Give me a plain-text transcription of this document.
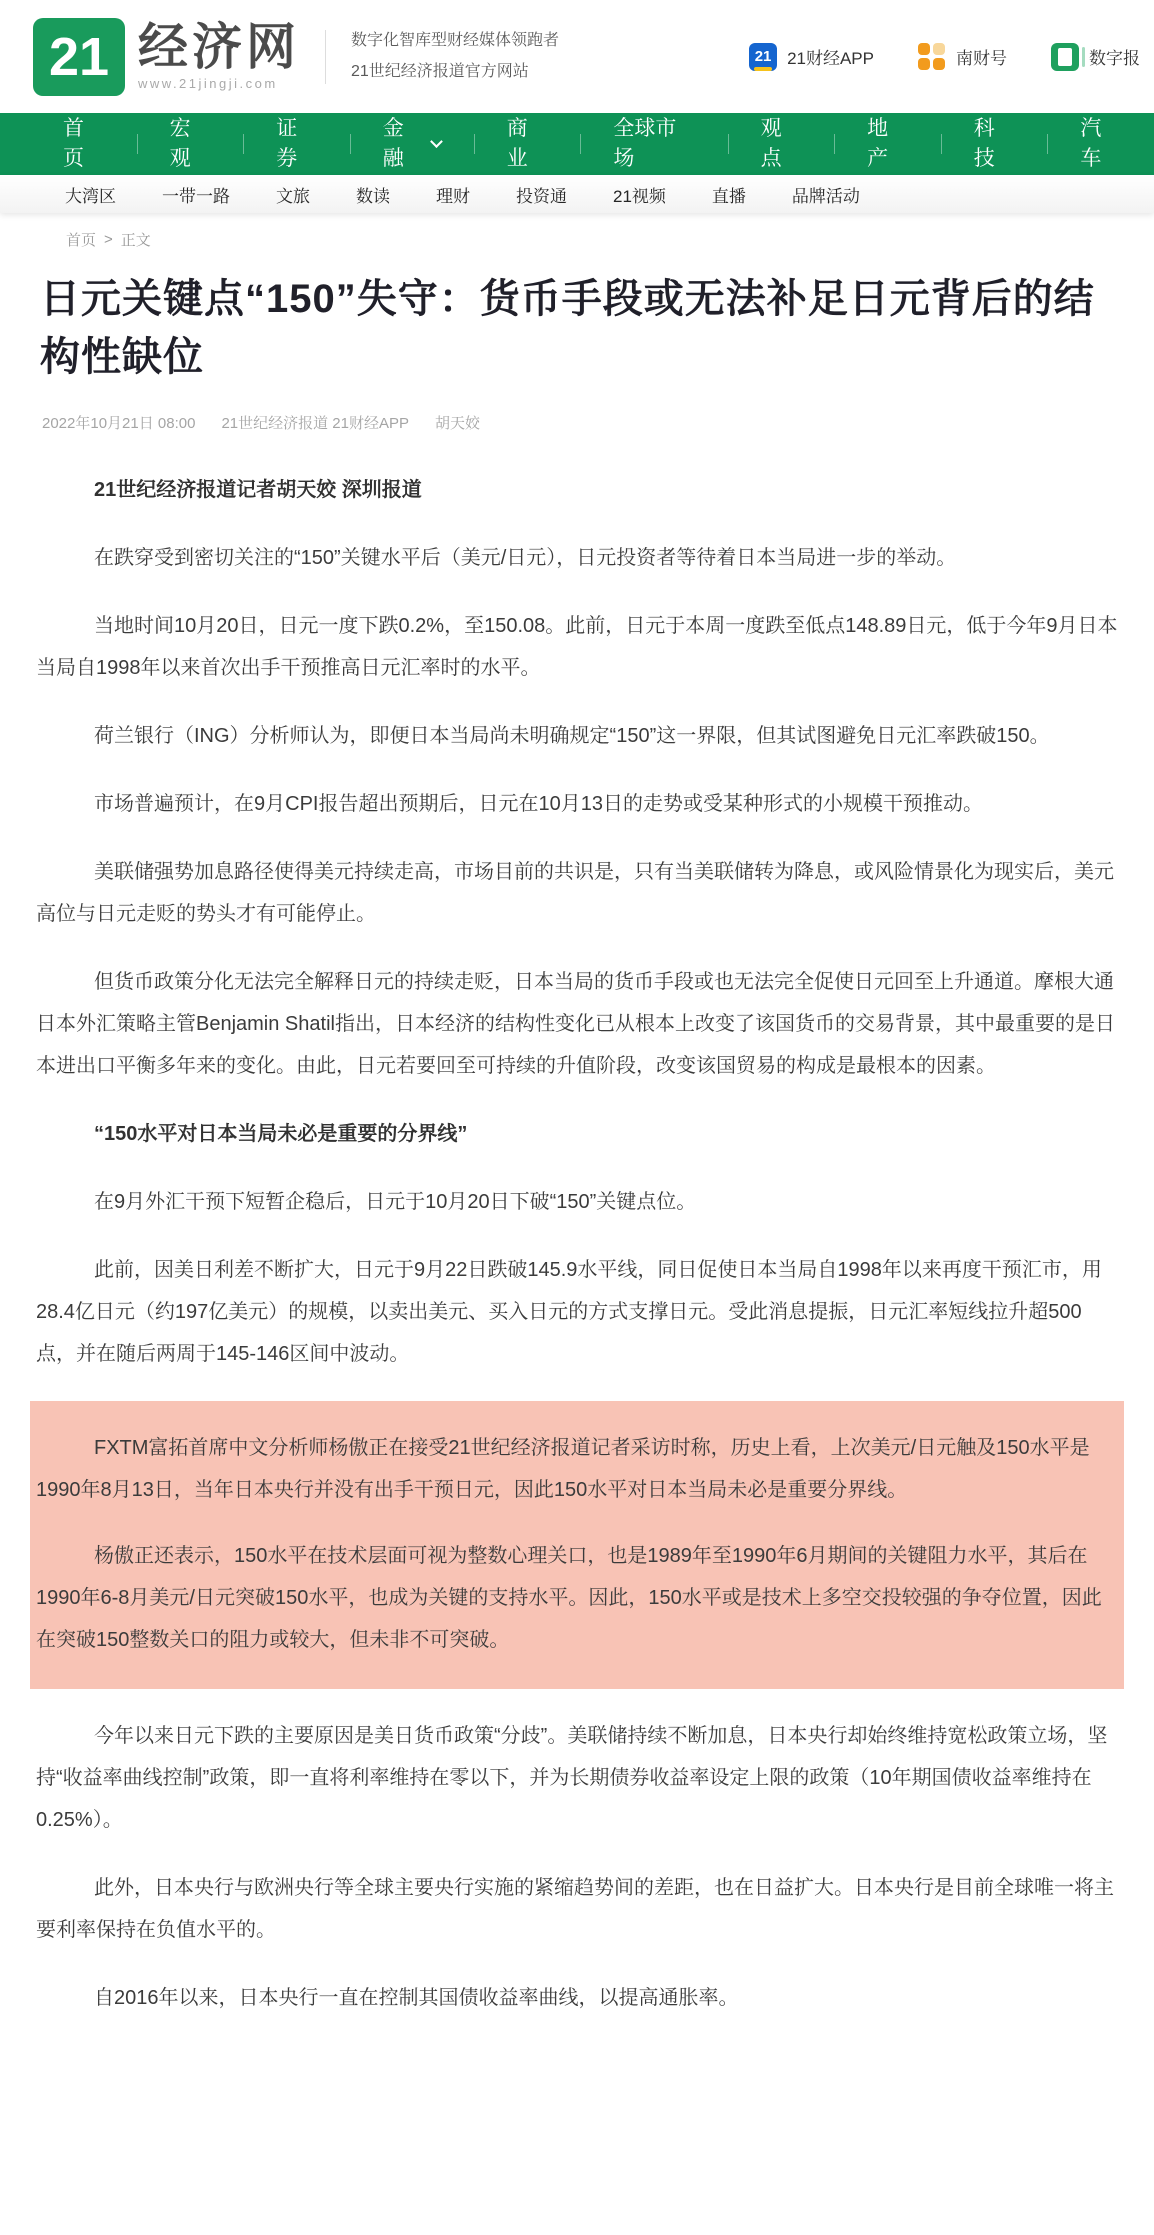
21 经济网
www.21jingji.com
数字化智库型财经媒体领跑者
21世纪经济报道官方网站
21 21财经APP	南财号	数字报
首页
宏观
证券
金融
商业
全球市场
观点
地产
科技
汽车
大湾区	一带一路	文旅	数读	理财	投资通	21视频	直播	品牌活动
首页 > 正文
日元关键点“150”失守：货币手段或无法补足日元背后的结构性缺位
2022年10月21日 08:00 21世纪经济报道 21财经APP 胡天姣

21世纪经济报道记者胡天姣 深圳报道

在跌穿受到密切关注的“150”关键水平后（美元/日元），日元投资者等待着日本当局进一步的举动。

当地时间10月20日，日元一度下跌0.2%，至150.08。此前，日元于本周一度跌至低点148.89日元，低于今年9月日本当局自1998年以来首次出手干预推高日元汇率时的水平。

荷兰银行（ING）分析师认为，即便日本当局尚未明确规定“150”这一界限，但其试图避免日元汇率跌破150。

市场普遍预计，在9月CPI报告超出预期后，日元在10月13日的走势或受某种形式的小规模干预推动。

美联储强势加息路径使得美元持续走高，市场目前的共识是，只有当美联储转为降息，或风险情景化为现实后，美元高位与日元走贬的势头才有可能停止。

但货币政策分化无法完全解释日元的持续走贬，日本当局的货币手段或也无法完全促使日元回至上升通道。摩根大通日本外汇策略主管Benjamin Shatil指出，日本经济的结构性变化已从根本上改变了该国货币的交易背景，其中最重要的是日本进出口平衡多年来的变化。由此，日元若要回至可持续的升值阶段，改变该国贸易的构成是最根本的因素。

“150水平对日本当局未必是重要的分界线”

在9月外汇干预下短暂企稳后，日元于10月20日下破“150”关键点位。

此前，因美日利差不断扩大，日元于9月22日跌破145.9水平线，同日促使日本当局自1998年以来再度干预汇市，用28.4亿日元（约197亿美元）的规模，以卖出美元、买入日元的方式支撑日元。受此消息提振，日元汇率短线拉升超500点，并在随后两周于145-146区间中波动。

FXTM富拓首席中文分析师杨傲正在接受21世纪经济报道记者采访时称，历史上看，上次美元/日元触及150水平是1990年8月13日，当年日本央行并没有出手干预日元，因此150水平对日本当局未必是重要分界线。

杨傲正还表示，150水平在技术层面可视为整数心理关口，也是1989年至1990年6月期间的关键阻力水平，其后在1990年6-8月美元/日元突破150水平，也成为关键的支持水平。因此，150水平或是技术上多空交投较强的争夺位置，因此在突破150整数关口的阻力或较大，但未非不可突破。

今年以来日元下跌的主要原因是美日货币政策“分歧”。美联储持续不断加息，日本央行却始终维持宽松政策立场，坚持“收益率曲线控制”政策，即一直将利率维持在零以下，并为长期债券收益率设定上限的政策（10年期国债收益率维持在0.25%）。

此外，日本央行与欧洲央行等全球主要央行实施的紧缩趋势间的差距，也在日益扩大。日本央行是目前全球唯一将主要利率保持在负值水平的。

自2016年以来，日本央行一直在控制其国债收益率曲线，以提高通胀率。
